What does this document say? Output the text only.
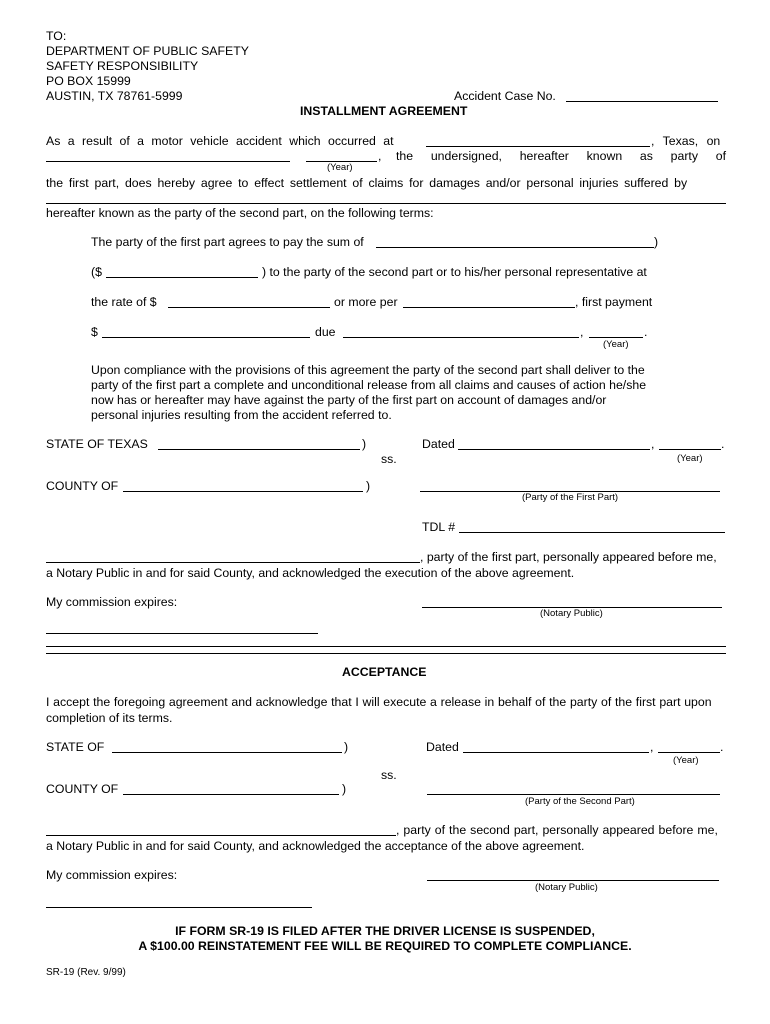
TO:
DEPARTMENT OF PUBLIC SAFETY
SAFETY RESPONSIBILITY
PO BOX 15999
AUSTIN, TX 78761-5999	Accident Case No.
INSTALLMENT AGREEMENT
As a result of a motor vehicle accident which occurred at	, Texas, on
, the undersigned, hereafter known as party of
(Year)
the first part, does hereby agree to effect settlement of claims for damages and/or personal injuries suffered by
hereafter known as the party of the second part, on the following terms:
The party of the first part agrees to pay the sum of	)
($	) to the party of the second part or to his/her personal representative at
the rate of $	or more per	, first payment
$	due	,	.
(Year)
Upon compliance with the provisions of this agreement the party of the second part shall deliver to the
party of the first part a complete and unconditional release from all claims and causes of action he/she
now has or hereafter may have against the party of the first part on account of damages and/or
personal injuries resulting from the accident referred to.
STATE OF TEXAS	)
ss.
Dated	,	.
(Year)
COUNTY OF	)
(Party of the First Part)
TDL #
, party of the first part, personally appeared before me,
a Notary Public in and for said County, and acknowledged the execution of the above agreement.
My commission expires:
(Notary Public)
ACCEPTANCE
I accept the foregoing agreement and acknowledge that I will execute a release in behalf of the party of the first part upon
completion of its terms.
STATE OF	)	Dated	,	.
(Year)
ss.
COUNTY OF	)
(Party of the Second Part)
, party of the second part, personally appeared before me,
a Notary Public in and for said County, and acknowledged the acceptance of the above agreement.
My commission expires:
(Notary Public)
IF FORM SR-19 IS FILED AFTER THE DRIVER LICENSE IS SUSPENDED,
A $100.00 REINSTATEMENT FEE WILL BE REQUIRED TO COMPLETE COMPLIANCE.
SR-19 (Rev. 9/99)
